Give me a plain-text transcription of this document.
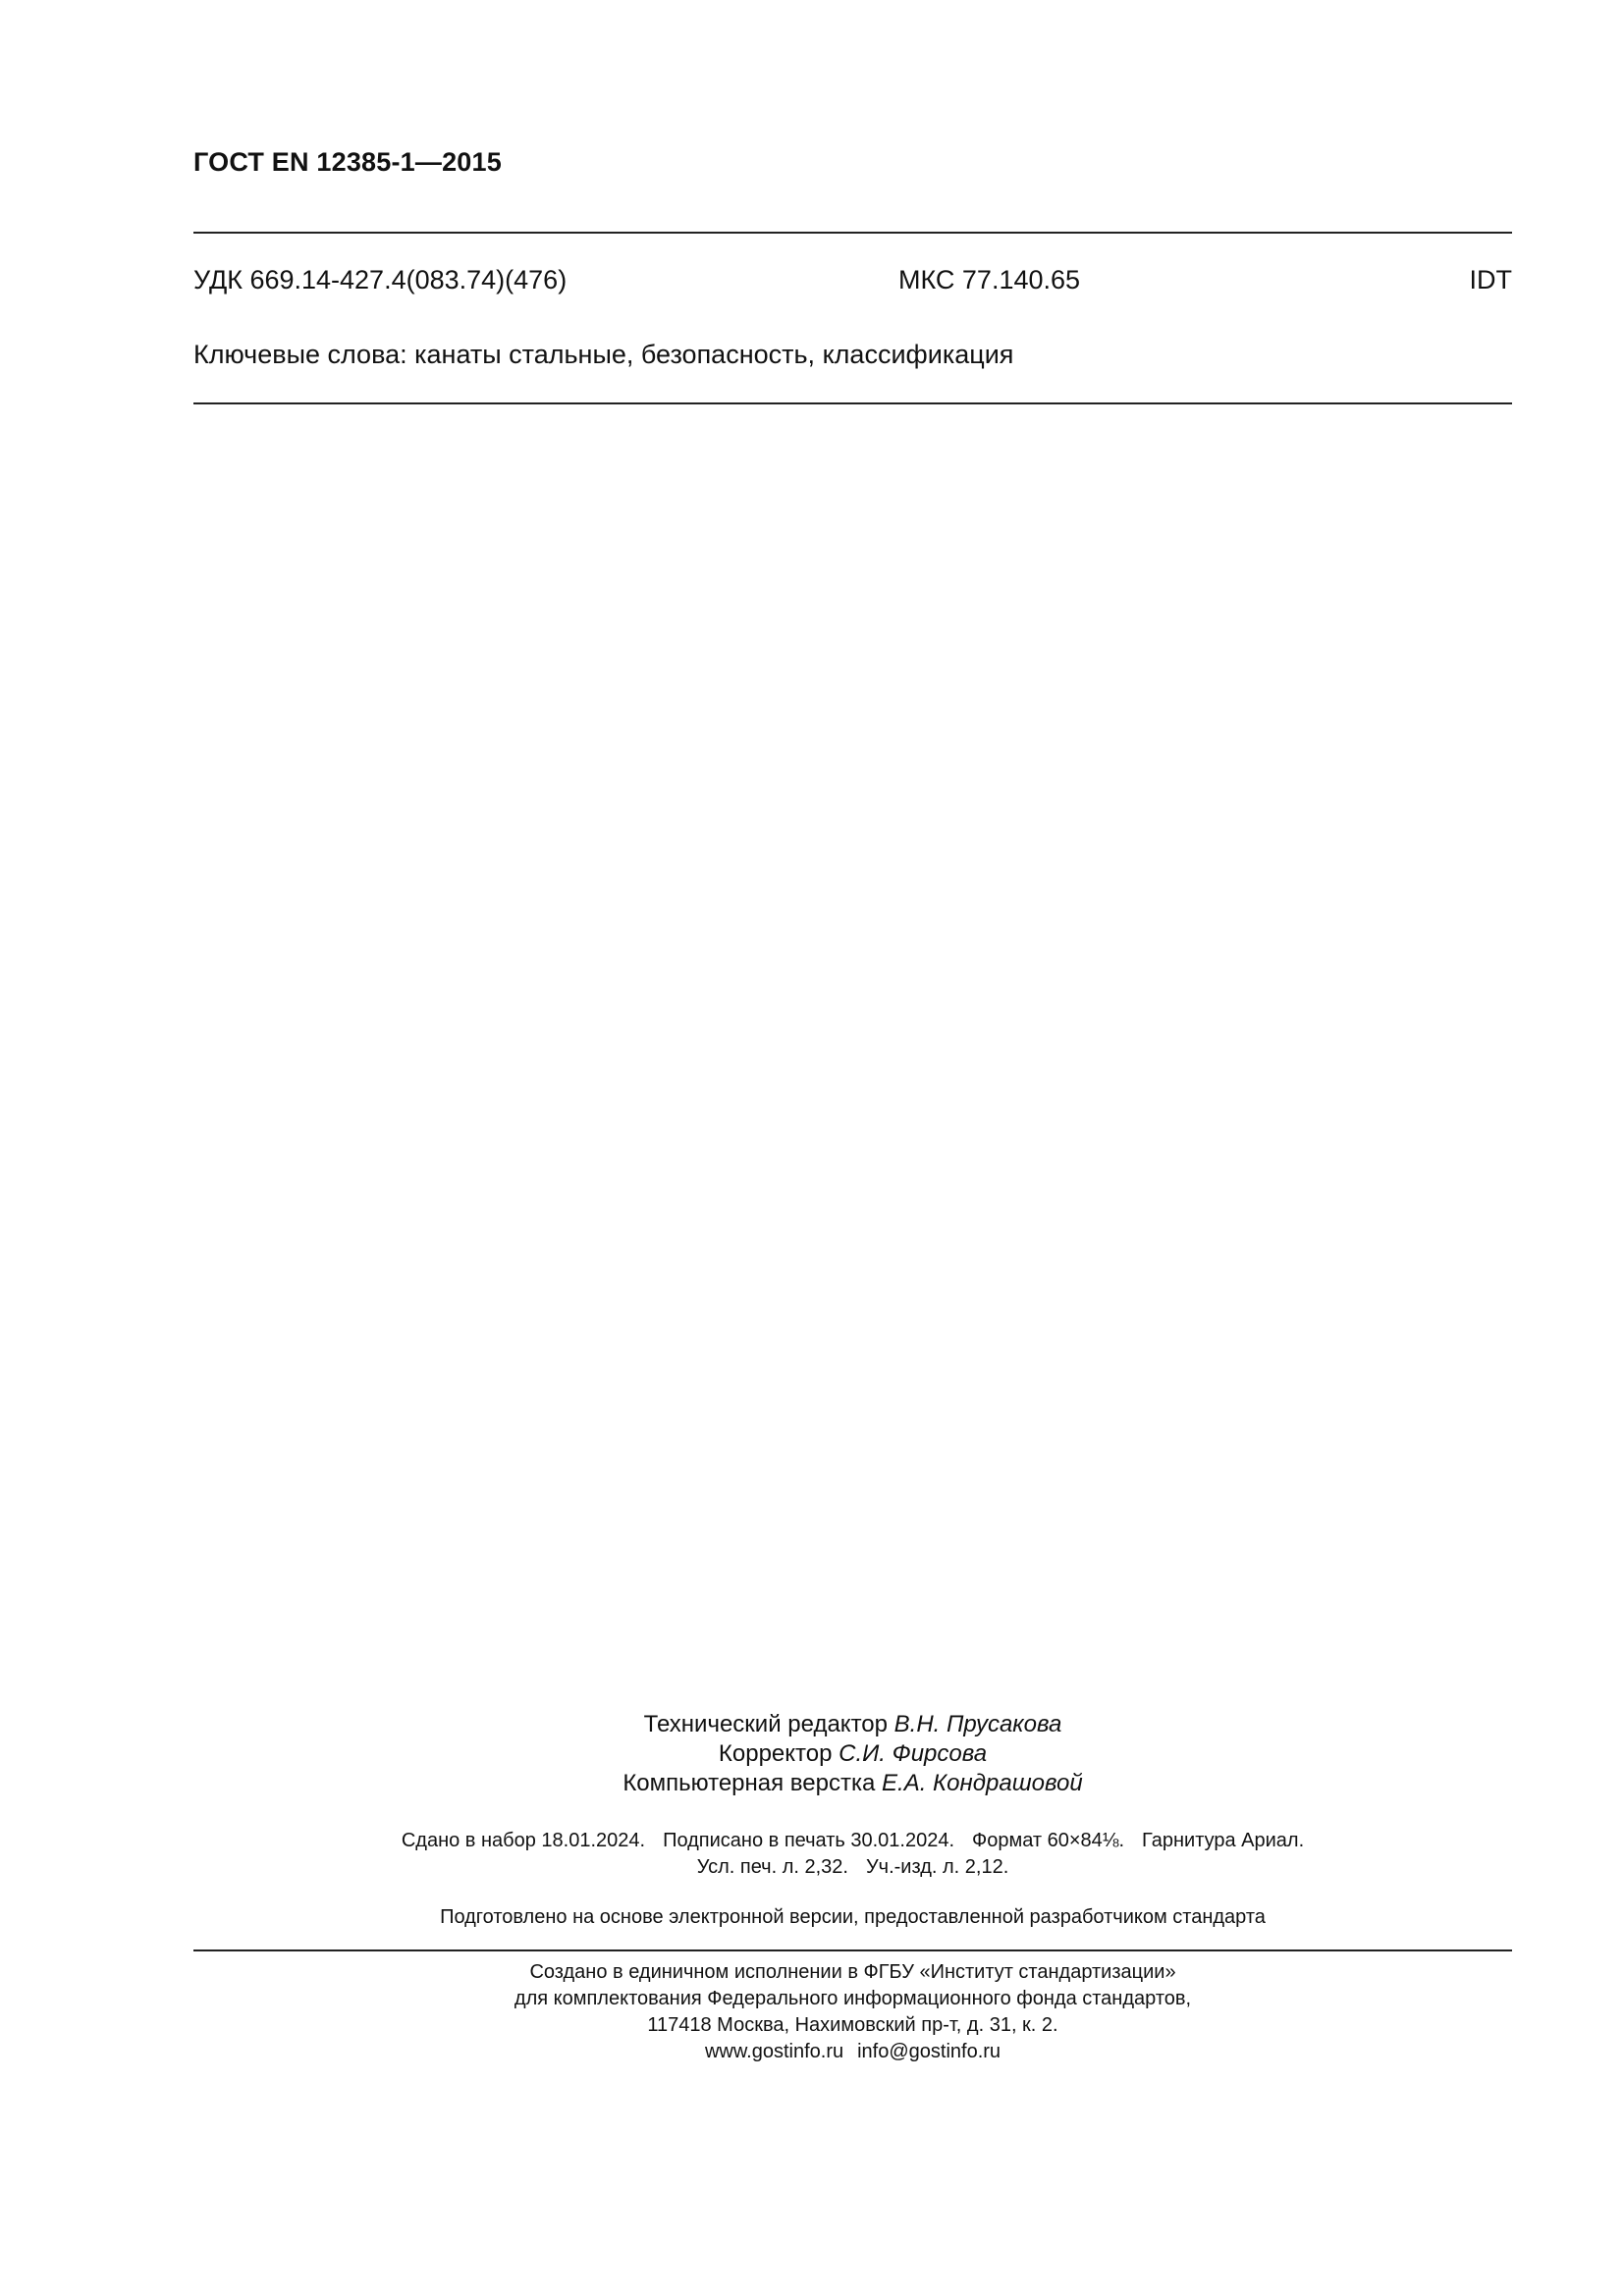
ГОСТ EN 12385-1—2015
УДК 669.14-427.4(083.74)(476)	МКС 77.140.65	IDT
Ключевые слова: канаты стальные, безопасность, классификация
Технический редактор В.Н. Прусакова
Корректор С.И. Фирсова
Компьютерная верстка Е.А. Кондрашовой
Сдано в набор 18.01.2024. Подписано в печать 30.01.2024. Формат 60×84⅛. Гарнитура Ариал.
Усл. печ. л. 2,32. Уч.-изд. л. 2,12.
Подготовлено на основе электронной версии, предоставленной разработчиком стандарта
Создано в единичном исполнении в ФГБУ «Институт стандартизации»
для комплектования Федерального информационного фонда стандартов,
117418 Москва, Нахимовский пр-т, д. 31, к. 2.
www.gostinfo.ru info@gostinfo.ru
